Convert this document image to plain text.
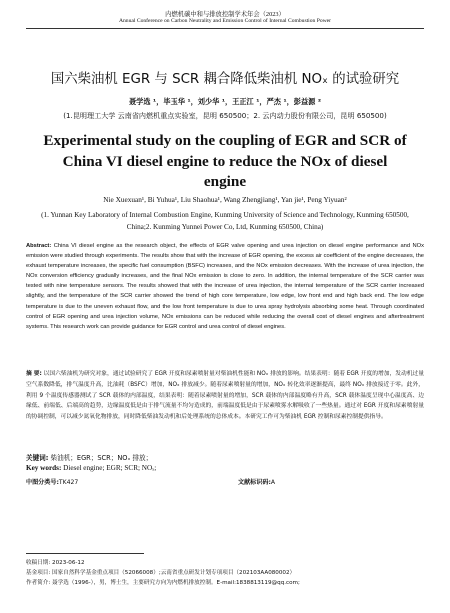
内燃机碳中和与排放控制学术年会（2023）
Annual Conference on Carbon Neutrality and Emission Control of Internal Combustion Power
国六柴油机 EGR 与 SCR 耦合降低柴油机 NOₓ 的试验研究
聂学选 ¹，毕玉华 ¹，刘少华 ¹，王正江 ¹，严杰 ¹，彭益源 ²
(1.昆明理工大学 云南省内燃机重点实验室，昆明 650500；2. 云内动力股份有限公司，昆明 650500)
Experimental study on the coupling of EGR and SCR of China VI diesel engine to reduce the NOx of diesel engine
Nie Xuexuan¹, Bi Yuhua¹, Liu Shaohua¹, Wang Zhengjiang¹, Yan jie¹, Peng Yiyuan²
(1. Yunnan Key Laboratory of Internal Combustion Engine, Kunming University of Science and Technology, Kunming 650500, China;2. Kunming Yunnei Power Co, Ltd, Kunming 650500, China)
Abstract: China VI diesel engine as the research object, the effects of EGR valve opening and urea injection on diesel engine performance and NOx emission were studied through experiments. The results show that with the increase of EGR opening, the excess air coefficient of the engine decreases, the exhaust temperature increases, the specific fuel consumption (BSFC) increases, and the NOx emission decreases. With the increase of urea injection, the NOx conversion efficiency gradually increases, and the final NOx emission is close to zero. In addition, the internal temperature of the SCR carrier was tested with nine temperature sensors. The results showed that with the increase of urea injection, the internal temperature of the SCR carrier increased slightly, and the temperature of the SCR carrier showed the trend of high core temperature, low edge, low front end and high back end. The low edge temperature is due to the uneven exhaust flow, and the low front temperature is due to urea spray hydrolysis absorbing some heat. Through coordinated control of EGR opening and urea injection volume, NOx emissions can be reduced while reducing the overall cost of diesel engines and aftertreatment systems. This research work can provide guidance for EGR control and urea control of diesel engines.
摘 要: 以国六柴油机为研究对象，通过试验研究了 EGR 开度和尿素喷射量对柴油机性能和 NOₓ 排放的影响。结果表明：随着 EGR 开度的增加，发动机过量空气系数降低，排气温度升高，比油耗（BSFC）增加，NOₓ 排放减少。随着尿素喷射量的增加，NOₓ 转化效率逐渐提高，最终 NOₓ 排放接近于零。此外，利用 9 个温度传感器测试了 SCR 载体的内部温度，结果表明：随着尿素喷射量的增加，SCR 载体的内部温度略有升高，SCR 载体温度呈现中心温度高、边缘低、前端低、后端高的趋势，边缘温度低是由于排气流量不均匀造成的，前端温度低是由于尿素喷雾水解吸收了一些热量。通过对 EGR 开度和尿素喷射量的协调控制，可以减少氮氧化物排放，同时降低柴油发动机和后处理系统的总体成本。本研究工作可为柴油机 EGR 控制和尿素控制提供指导。
关键词: 柴油机；EGR；SCR；NOₓ 排放；
Key words: Diesel engine; EGR; SCR; NOₓ;
中图分类号:TK427	文献标识码:A
收稿日期: 2023-06-12
基金项目: 国家自然科学基金重点项目（52066008）;云南省重点研发计划专项项目（202103AA080002）
作者简介: 聂学选（1996-），男，博士生，主要研究方向为内燃机排放控制。E-mail:1838813119@qq.com;
